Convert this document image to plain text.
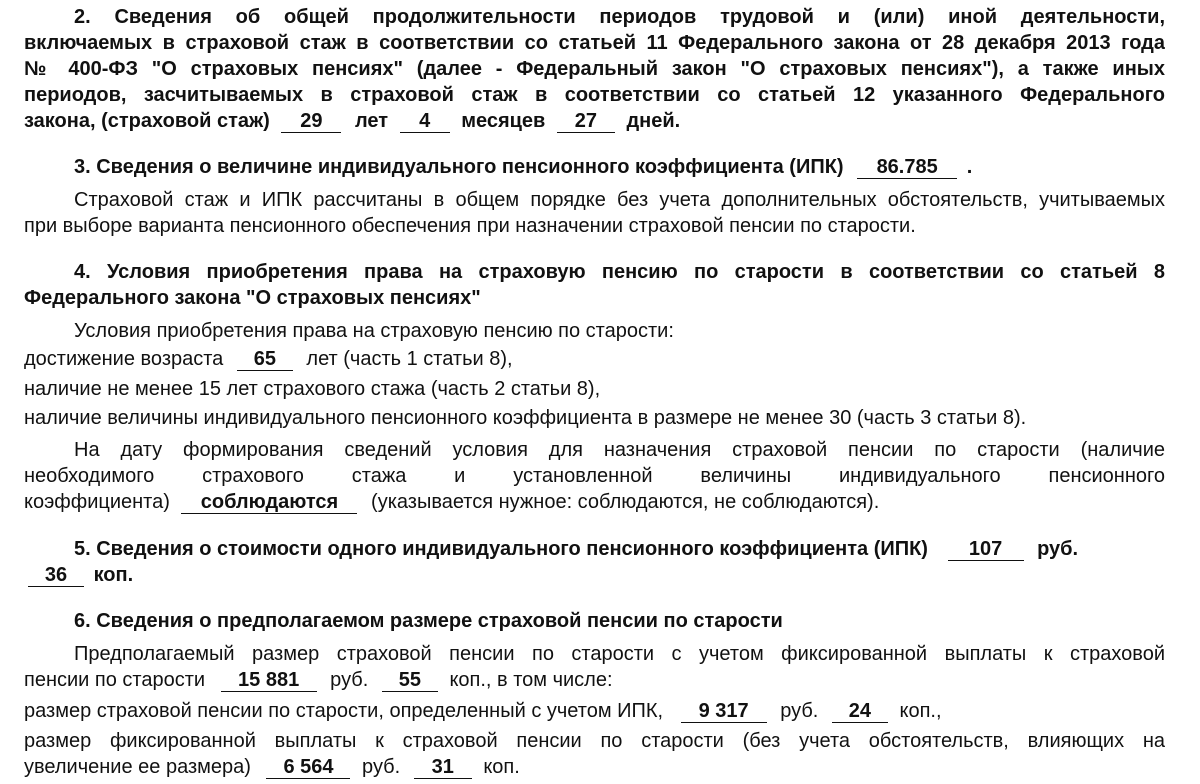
2. Сведения об общей продолжительности периодов трудовой и (или) иной деятельности,
включаемых в страховой стаж в соответствии со статьей 11 Федерального закона от 28 декабря 2013 года
№ 400-ФЗ "О страховых пенсиях" (далее - Федеральный закон "О страховых пенсиях"), а также иных
периодов, засчитываемых в страховой стаж в соответствии со статьей 12 указанного Федерального
закона, (страховой стаж) 29 лет 4 месяцев 27 дней.
3. Сведения о величине индивидуального пенсионного коэффициента (ИПК) 86.785 .
Страховой стаж и ИПК рассчитаны в общем порядке без учета дополнительных обстоятельств, учитываемых
при выборе варианта пенсионного обеспечения при назначении страховой пенсии по старости.
4. Условия приобретения права на страховую пенсию по старости в соответствии со статьей 8
Федерального закона "О страховых пенсиях"
Условия приобретения права на страховую пенсию по старости:
достижение возраста 65 лет (часть 1 статьи 8),
наличие не менее 15 лет страхового стажа (часть 2 статьи 8),
наличие величины индивидуального пенсионного коэффициента в размере не менее 30 (часть 3 статьи 8).
На дату формирования сведений условия для назначения страховой пенсии по старости (наличие
необходимого страхового стажа и установленной величины индивидуального пенсионного
коэффициента) соблюдаются (указывается нужное: соблюдаются, не соблюдаются).
5. Сведения о стоимости одного индивидуального пенсионного коэффициента (ИПК) 107 руб.
36 коп.
6. Сведения о предполагаемом размере страховой пенсии по старости
Предполагаемый размер страховой пенсии по старости с учетом фиксированной выплаты к страховой
пенсии по старости 15 881 руб. 55 коп., в том числе:
размер страховой пенсии по старости, определенный с учетом ИПК, 9 317 руб. 24 коп.,
размер фиксированной выплаты к страховой пенсии по старости (без учета обстоятельств, влияющих на
увеличение ее размера) 6 564 руб. 31 коп.
